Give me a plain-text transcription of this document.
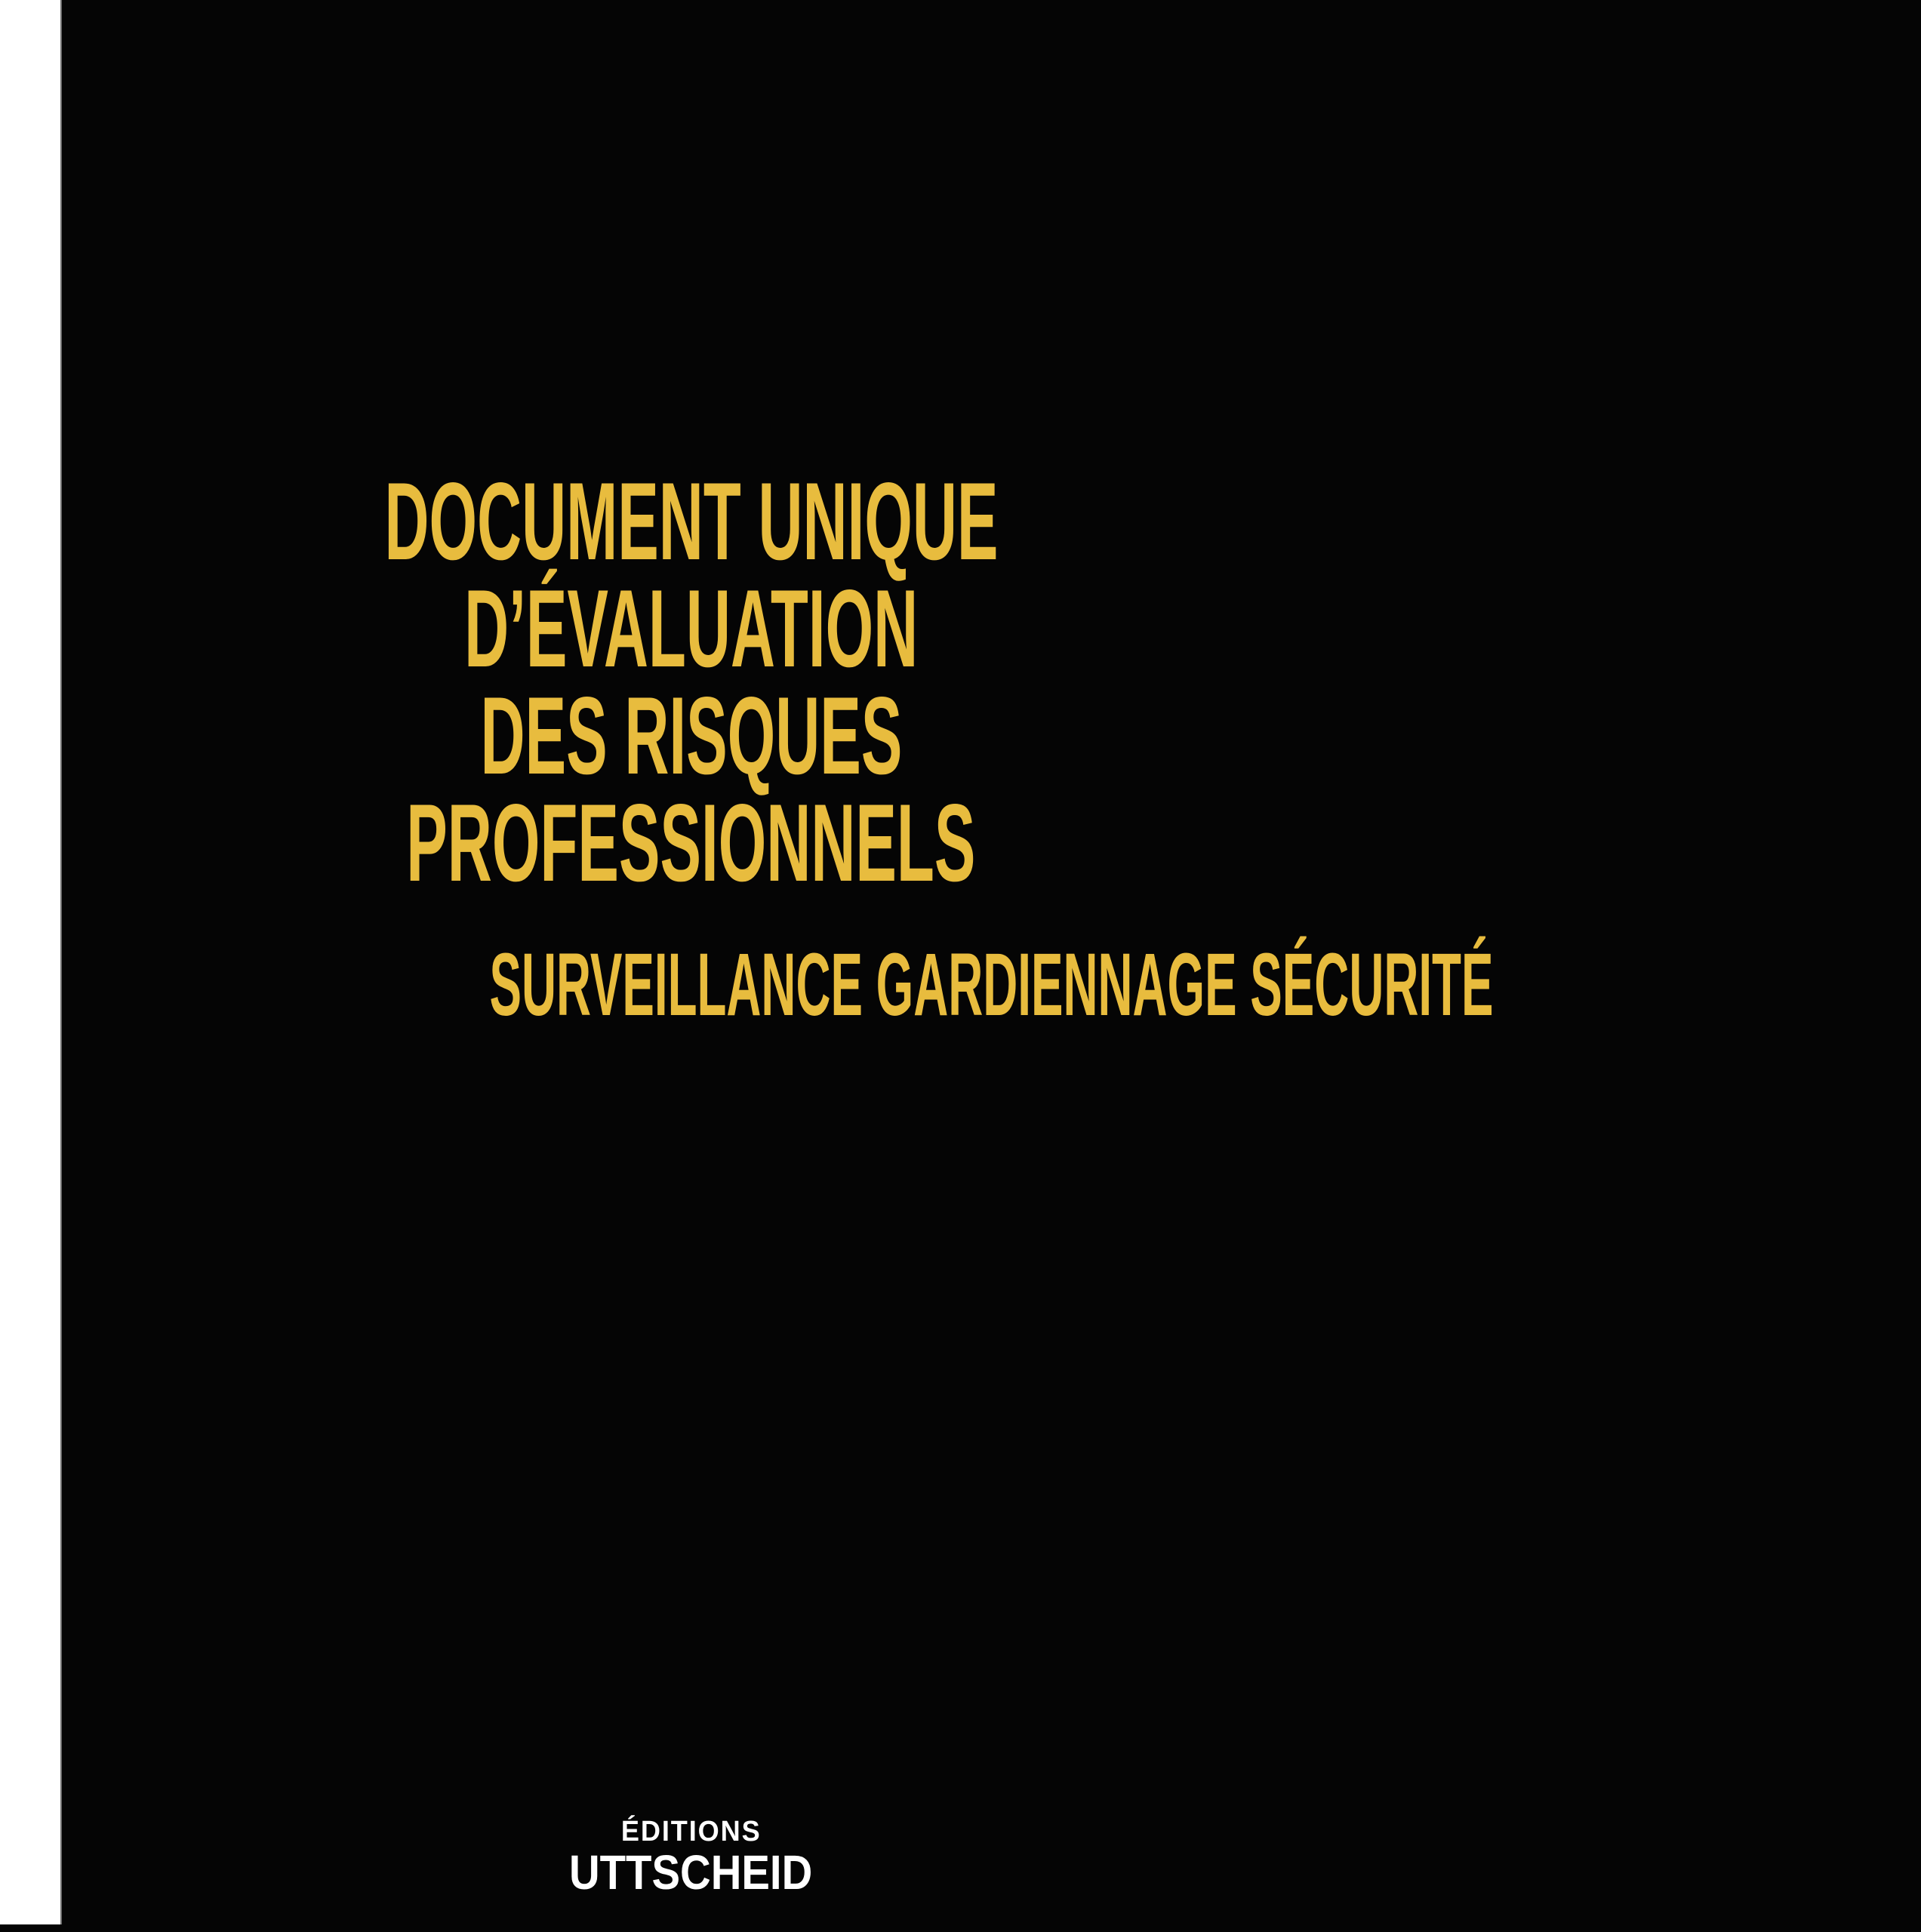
DOCUMENT UNIQUE
D’ÉVALUATION
DES RISQUES
PROFESSIONNELS
SURVEILLANCE GARDIENNAGE SÉCURITÉ
ÉDITIONS
UTTSCHEID
